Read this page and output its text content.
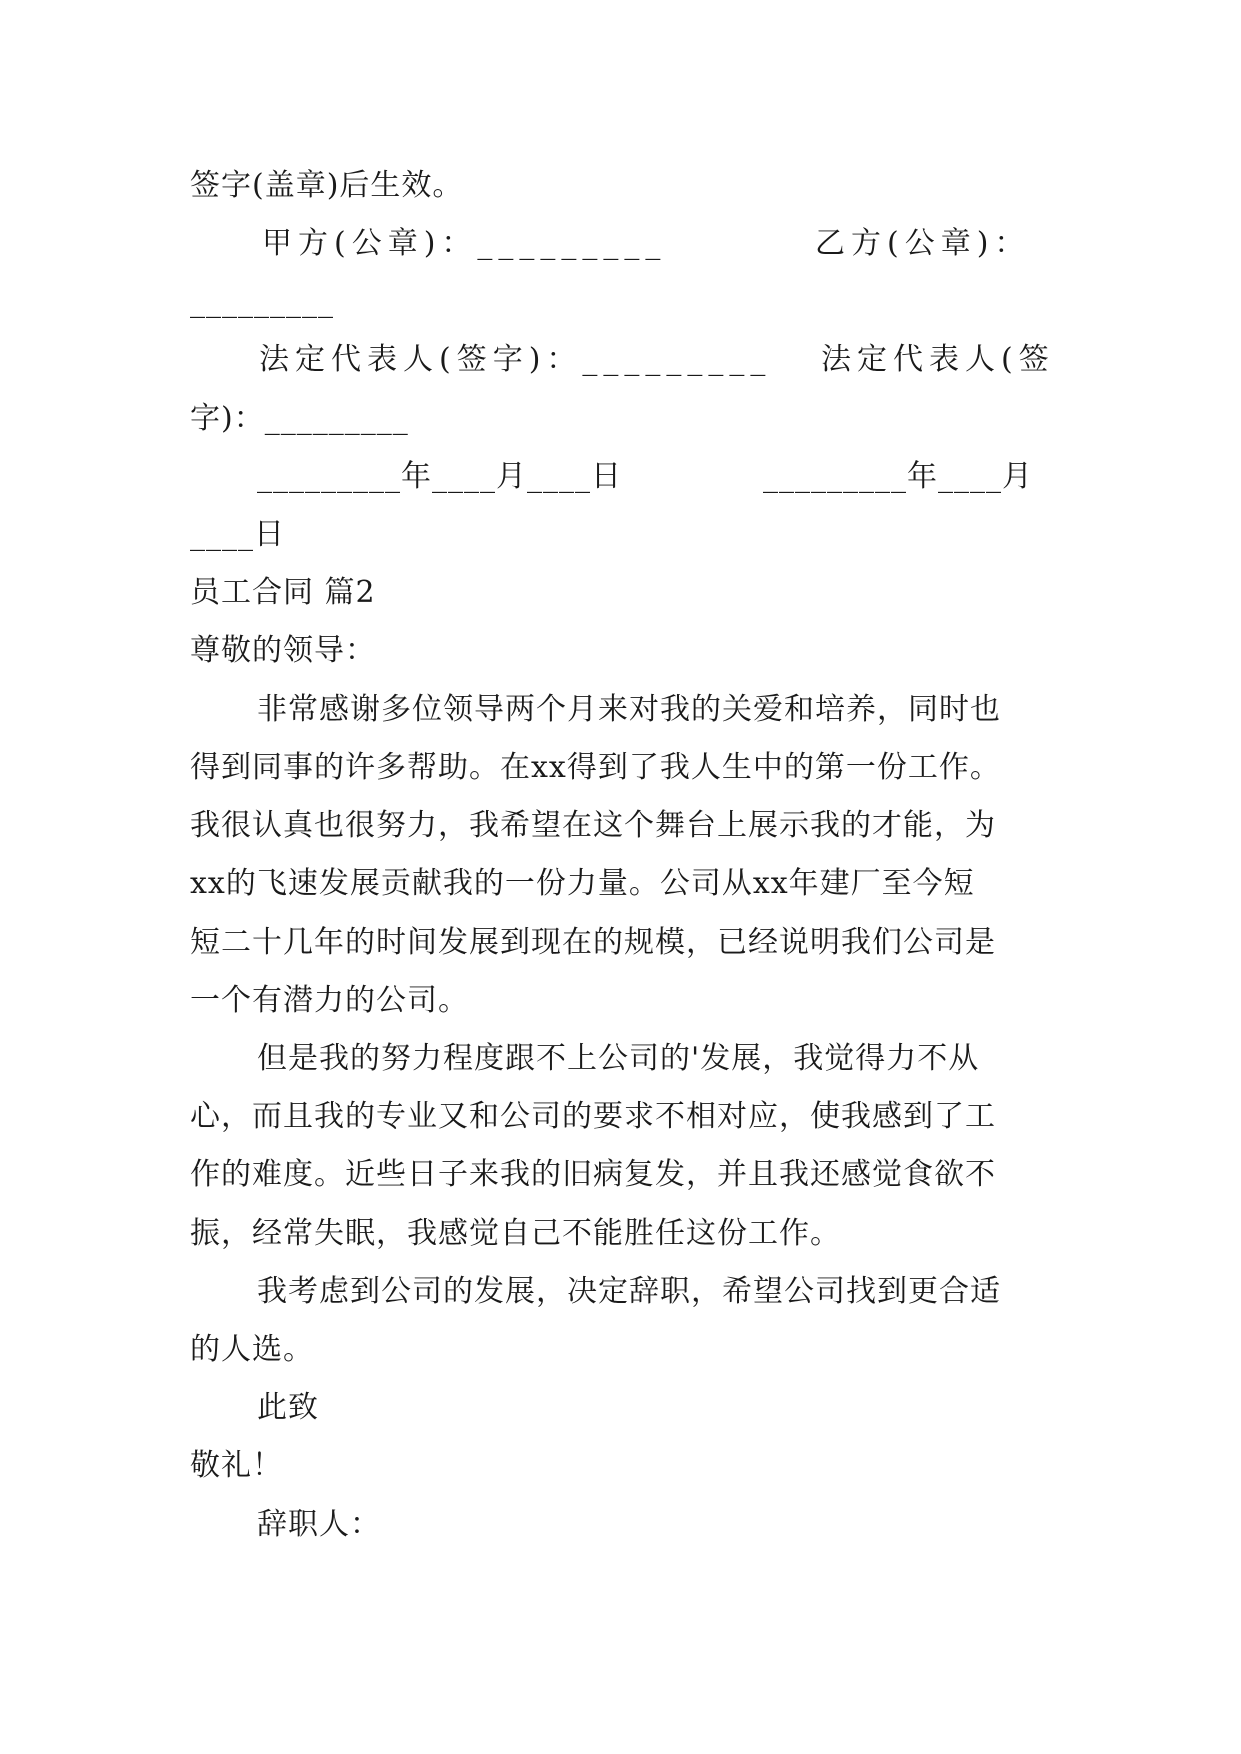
签字(盖章)后生效。
甲方(公章)：_________	乙方(公章)：
_________
法定代表人(签字)：_________ 法定代表人(签
字)：_________
_________年____月____日	_________年____月
____日
员工合同 篇2
尊敬的领导：
非常感谢多位领导两个月来对我的关爱和培养，同时也
得到同事的许多帮助。在xx得到了我人生中的第一份工作。
我很认真也很努力，我希望在这个舞台上展示我的才能，为
xx的飞速发展贡献我的一份力量。公司从xx年建厂至今短
短二十几年的时间发展到现在的规模，已经说明我们公司是
一个有潜力的公司。
但是我的努力程度跟不上公司的'发展，我觉得力不从
心，而且我的专业又和公司的要求不相对应，使我感到了工
作的难度。近些日子来我的旧病复发，并且我还感觉食欲不
振，经常失眠，我感觉自己不能胜任这份工作。
我考虑到公司的发展，决定辞职，希望公司找到更合适
的人选。
此致
敬礼！
辞职人：
